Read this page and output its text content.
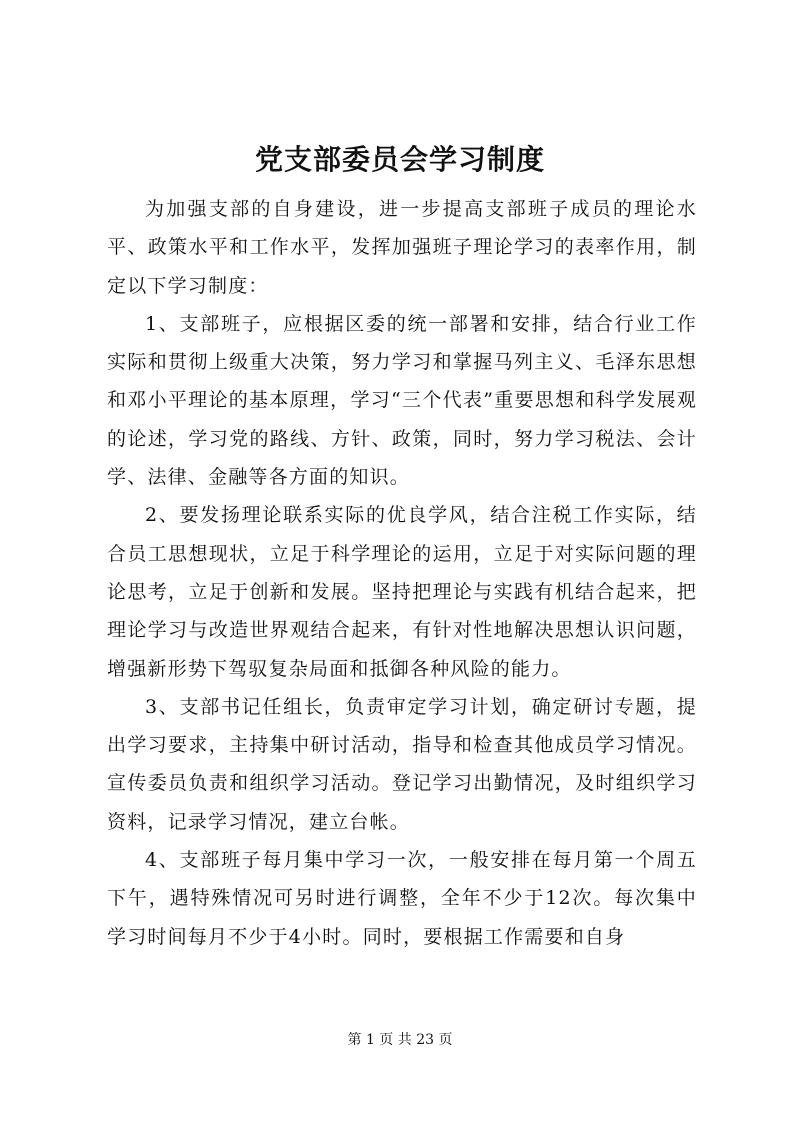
党支部委员会学习制度

为加强支部的自身建设，进一步提高支部班子成员的理论水平、政策水平和工作水平，发挥加强班子理论学习的表率作用，制定以下学习制度：

1、支部班子，应根据区委的统一部署和安排，结合行业工作实际和贯彻上级重大决策，努力学习和掌握马列主义、毛泽东思想和邓小平理论的基本原理，学习“三个代表”重要思想和科学发展观的论述，学习党的路线、方针、政策，同时，努力学习税法、会计学、法律、金融等各方面的知识。

2、要发扬理论联系实际的优良学风，结合注税工作实际，结合员工思想现状，立足于科学理论的运用，立足于对实际问题的理论思考，立足于创新和发展。坚持把理论与实践有机结合起来，把理论学习与改造世界观结合起来，有针对性地解决思想认识问题，增强新形势下驾驭复杂局面和抵御各种风险的能力。

3、支部书记任组长，负责审定学习计划，确定研讨专题，提出学习要求，主持集中研讨活动，指导和检查其他成员学习情况。宣传委员负责和组织学习活动。登记学习出勤情况，及时组织学习资料，记录学习情况，建立台帐。

4、支部班子每月集中学习一次，一般安排在每月第一个周五下午，遇特殊情况可另时进行调整，全年不少于12次。每次集中学习时间每月不少于4小时。同时，要根据工作需要和自身

第 1 页 共 23 页
